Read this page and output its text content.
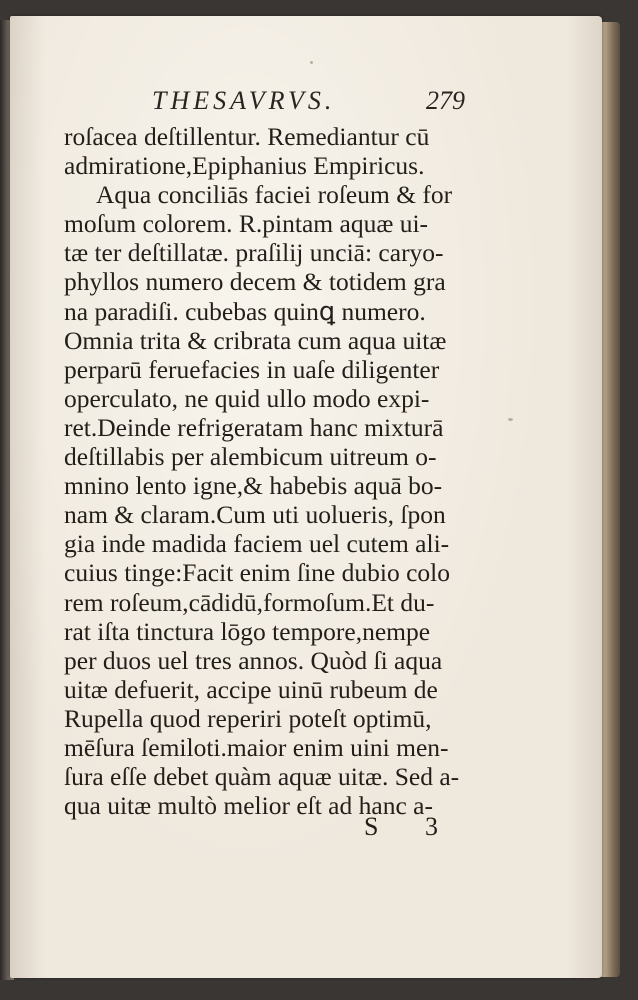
THESAVRVS.	279
roſacea deſtillentur. Remediantur cū
admiratione,Epiphanius Empiricus.
Aqua conciliās faciei roſeum & for
moſum colorem. R.pintam aquæ ui-
tæ ter deſtillatæ. praſilij unciā: caryo-
phyllos numero decem & totidem gra
na paradiſi. cubebas quinꝗ numero.
Omnia trita & cribrata cum aqua uitæ
perparū feruefacies in uaſe diligenter
operculato, ne quid ullo modo expi-
ret.Deinde refrigeratam hanc mixturā
deſtillabis per alembicum uitreum o-
mnino lento igne,& habebis aquā bo-
nam & claram.Cum uti uolueris, ſpon
gia inde madida faciem uel cutem ali-
cuius tinge:Facit enim ſine dubio colo
rem roſeum,cādidū,formoſum.Et du-
rat iſta tinctura lōgo tempore,nempe
per duos uel tres annos. Quòd ſi aqua
uitæ defuerit, accipe uinū rubeum de
Rupella quod reperiri poteſt optimū,
mēſura ſemiloti.maior enim uini men-
ſura eſſe debet quàm aquæ uitæ. Sed a-
qua uitæ multò melior eſt ad hanc a-
S 3
